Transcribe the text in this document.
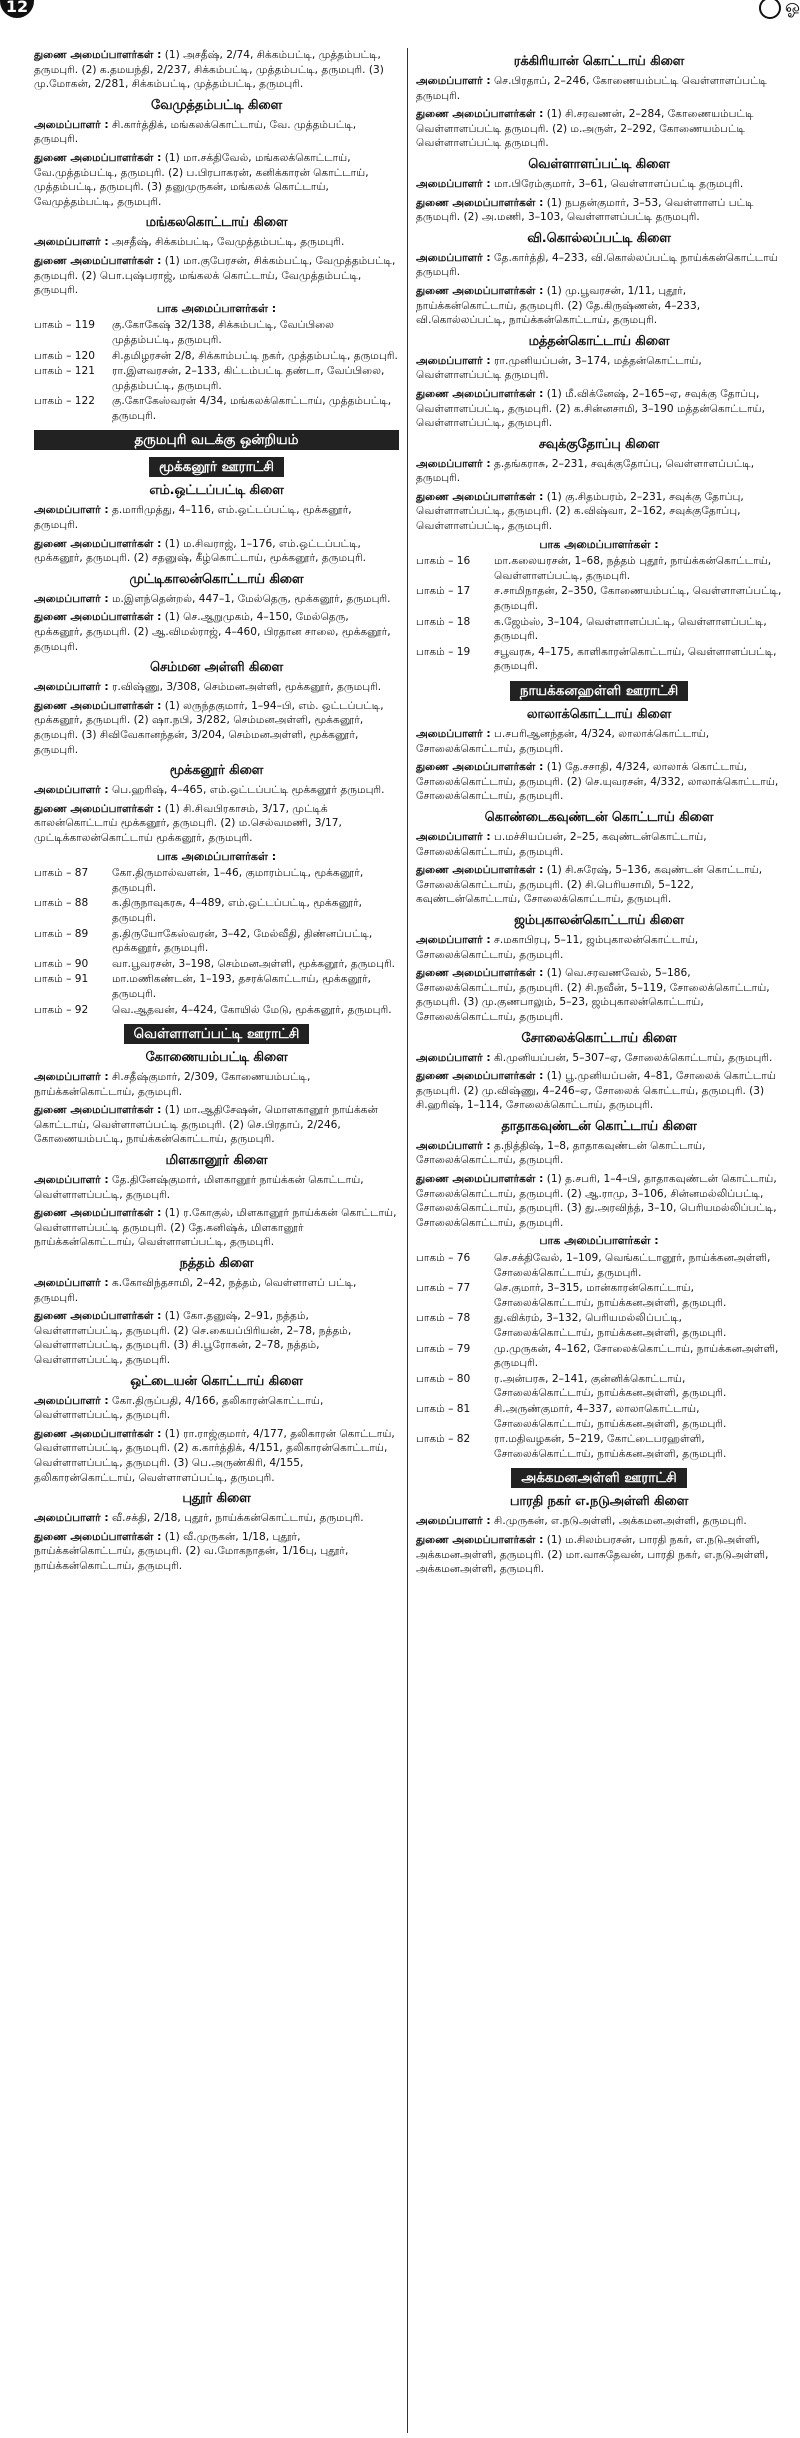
12	ஓ
துணை அமைப்பாளர்கள் : (1) அசதீஷ், 2/74, சிக்கம்பட்டி, முத்தம்பட்டி, தருமபுரி. (2) க.தமயந்தி, 2/237, சிக்கம்பட்டி, முத்தம்பட்டி, தருமபுரி. (3) மு.மோகன், 2/281, சிக்கம்பட்டி, முத்தம்பட்டி, தருமபுரி.
வேமுத்தம்பட்டி கிளை
அமைப்பாளர் : சி.கார்த்திக், மங்கலக்கொட்டாய், வே. முத்தம்பட்டி, தருமபுரி.
துணை அமைப்பாளர்கள் : (1) மா.சக்திவேல், மங்கலக்கொட்டாய், வே.முத்தம்பட்டி, தருமபுரி. (2) ப.பிரபாகரன், கனிக்காரன் கொட்டாய், முத்தம்பட்டி, தருமபுரி. (3) தனுமுருகன், மங்கலக் கொட்டாய், வேமுத்தம்பட்டி, தருமபுரி.
மங்கலகொட்டாய் கிளை
அமைப்பாளர் : அசதீஷ், சிக்கம்பட்டி, வேமுத்தம்பட்டி, தருமபுரி.
துணை அமைப்பாளர்கள் : (1) மா.குபேரசன், சிக்கம்பட்டி, வேமுத்தம்பட்டி, தருமபுரி. (2) பொ.புஷ்பராஜ், மங்கலக் கொட்டாய், வேமுத்தம்பட்டி, தருமபுரி.
பாக அமைப்பாளர்கள் :
பாகம் – 119	கு.கோகேஷ் 32/138, சிக்கம்பட்டி, வேப்பிலை முத்தம்பட்டி, தருமபுரி.
பாகம் – 120	சி.தமிழரசன் 2/8, சிக்காம்பட்டி நகர், முத்தம்பட்டி, தருமபுரி.
பாகம் – 121	ரா.இளவரசன், 2–133, கிட்டம்பட்டி தண்டா, வேப்பிலை, முத்தம்பட்டி, தருமபுரி.
பாகம் – 122	கு.கோகேஸ்வரன் 4/34, மங்கலக்கொட்டாய், முத்தம்பட்டி, தருமபுரி.
தருமபுரி வடக்கு ஒன்றியம்
மூக்கனூர் ஊராட்சி
எம்.ஒட்டப்பட்டி கிளை
அமைப்பாளர் : த.மாரிமுத்து, 4–116, எம்.ஒட்டப்பட்டி, மூக்கனூர், தருமபுரி.
துணை அமைப்பாளர்கள் : (1) ம.சிவராஜ், 1–176, எம்.ஒட்டப்பட்டி, மூக்கனூர், தருமபுரி. (2) சதனுஷ், கீழ்கொட்டாய், மூக்கனூர், தருமபுரி.
முட்டிகாலன்கொட்டாய் கிளை
அமைப்பாளர் : ம.இளந்தென்றல், 447–1, மேல்தெரு, மூக்கனூர், தருமபுரி.
துணை அமைப்பாளர்கள் : (1) செ.ஆறுமுகம், 4–150, மேல்தெரு, மூக்கனூர், தருமபுரி. (2) ஆ.விமல்ராஜ், 4–460, பிரதான சாலை, மூக்கனூர், தருமபுரி.
செம்மன அள்ளி கிளை
அமைப்பாளர் : ர.விஷ்ணு, 3/308, செம்மனஅள்ளி, மூக்கனூர், தருமபுரி.
துணை அமைப்பாளர்கள் : (1) லருந்தகுமார், 1–94–பி, எம். ஒட்டப்பட்டி, மூக்கனூர், தருமபுரி. (2) ஷா.நபி, 3/282, செம்மனஅள்ளி, மூக்கனூர், தருமபுரி. (3) சிவிவேகானந்தன், 3/204, செம்மனஅள்ளி, மூக்கனூர், தருமபுரி.
மூக்கனூர் கிளை
அமைப்பாளர் : பெ.ஹரிஷ், 4–465, எம்.ஒட்டப்பட்டி மூக்கனூர் தருமபுரி.
துணை அமைப்பாளர்கள் : (1) சி.சிவபிரகாசம், 3/17, முட்டிக் காலன்கொட்டாய் மூக்கனூர், தருமபுரி. (2) ம.செல்வமணி, 3/17, முட்டிக்காலன்கொட்டாய் மூக்கனூர், தருமபுரி.
பாக அமைப்பாளர்கள் :
பாகம் – 87	கோ.திருமால்வளன், 1–46, குமாரம்பட்டி, மூக்கனூர், தருமபுரி.
பாகம் – 88	க.திருநாவுகரசு, 4–489, எம்.ஒட்டப்பட்டி, மூக்கனூர், தருமபுரி.
பாகம் – 89	த.திருயோகேஸ்வரன், 3–42, மேல்வீதி, திண்னப்பட்டி, மூக்கனூர், தருமபுரி.
பாகம் – 90	வா.பூவரசன், 3–198, செம்மனஅள்ளி, மூக்கனூர், தருமபுரி.
பாகம் – 91	மா.மணிகண்டன், 1–193, தசரக்கொட்டாய், மூக்கனூர், தருமபுரி.
பாகம் – 92	வெ.ஆதவன், 4–424, கோயில் மேடு, மூக்கனூர், தருமபுரி.
வெள்ளாளப்பட்டி ஊராட்சி
கோணையம்பட்டி கிளை
அமைப்பாளர் : சி.சதீஷ்குமார், 2/309, கோணையம்பட்டி, நாய்க்கன்கொட்டாய், தருமபுரி.
துணை அமைப்பாளர்கள் : (1) மா.ஆதிசேஷன், மொளகானூர் நாய்க்கன் கொட்டாய், வெள்ளாளப்பட்டி தருமபுரி. (2) செ.பிரதாப், 2/246, கோணையம்பட்டி, நாய்க்கன்கொட்டாய், தருமபுரி.
மிளகானூர் கிளை
அமைப்பாளர் : தே.தினேஷ்குமார், மிளகானூர் நாய்க்கன் கொட்டாய், வெள்ளாளப்பட்டி, தருமபுரி.
துணை அமைப்பாளர்கள் : (1) ர.கோகுல், மிளகானூர் நாய்க்கன் கொட்டாய், வெள்ளாளப்பட்டி தருமபுரி. (2) தே.கனிஷ்க், மிளகானூர் நாய்க்கன்கொட்டாய், வெள்ளாளப்பட்டி, தருமபுரி.
நத்தம் கிளை
அமைப்பாளர் : க.கோவிந்தசாமி, 2–42, நத்தம், வெள்ளாளப் பட்டி, தருமபுரி.
துணை அமைப்பாளர்கள் : (1) கோ.தனுஷ், 2–91, நத்தம், வெள்ளாளப்பட்டி, தருமபுரி. (2) செ.கையப்பிரியன், 2–78, நத்தம், வெள்ளாளப்பட்டி, தருமபுரி. (3) சி.பூரோகன், 2–78, நத்தம், வெள்ளாளப்பட்டி, தருமபுரி.
ஒட்டையன் கொட்டாய் கிளை
அமைப்பாளர் : கோ.திருப்பதி, 4/166, தலிகாரன்கொட்டாய், வெள்ளாளப்பட்டி, தருமபுரி.
துணை அமைப்பாளர்கள் : (1) ரா.ராஜ்குமார், 4/177, தலிகாரன் கொட்டாய், வெள்ளாளப்பட்டி, தருமபுரி. (2) க.கார்த்திக், 4/151, தலிகாரன்கொட்டாய், வெள்ளாளப்பட்டி, தருமபுரி. (3) பெ.அருண்கிரி, 4/155, தலிகாரன்கொட்டாய், வெள்ளாளப்பட்டி, தருமபுரி.
புதூர் கிளை
அமைப்பாளர் : வீ.சக்தி, 2/18, புதூர், நாய்க்கன்கொட்டாய், தருமபுரி.
துணை அமைப்பாளர்கள் : (1) வீ.முருகன், 1/18, புதூர், நாய்க்கன்கொட்டாய், தருமபுரி. (2) வ.மோகநாதன், 1/16பு, புதூர், நாய்க்கன்கொட்டாய், தருமபுரி.
ரக்கிரியான் கொட்டாய் கிளை
அமைப்பாளர் : செ.பிரதாப், 2–246, கோணையம்பட்டி வெள்ளாளப்பட்டி தருமபுரி.
துணை அமைப்பாளர்கள் : (1) சி.சரவணன், 2–284, கோணையம்பட்டி வெள்ளாளப்பட்டி தருமபுரி. (2) ம.அருள், 2–292, கோணையம்பட்டி வெள்ளாளப்பட்டி தருமபுரி.
வெள்ளாளப்பட்டி கிளை
அமைப்பாளர் : மா.பிரேம்குமார், 3–61, வெள்ளாளப்பட்டி தருமபுரி.
துணை அமைப்பாளர்கள் : (1) நபதன்குமார், 3–53, வெள்ளாளப் பட்டி தருமபுரி. (2) அ.மணி, 3–103, வெள்ளாளப்பட்டி தருமபுரி.
வி.கொல்லப்பட்டி கிளை
அமைப்பாளர் : தே.கார்த்தி, 4–233, வி.கொல்லப்பட்டி நாய்க்கன்கொட்டாய் தருமபுரி.
துணை அமைப்பாளர்கள் : (1) மு.பூவரசன், 1/11, புதூர், நாய்க்கன்கொட்டாய், தருமபுரி. (2) தே.கிருஷ்ணன், 4–233, வி.கொல்லப்பட்டி, நாய்க்கன்கொட்டாய், தருமபுரி.
மத்தன்கொட்டாய் கிளை
அமைப்பாளர் : ரா.முனியப்பன், 3–174, மத்தன்கொட்டாய், வெள்ளாளப்பட்டி தருமபுரி.
துணை அமைப்பாளர்கள் : (1) மீ.விக்னேஷ், 2–165–ஏ, சவுக்கு தோப்பு, வெள்ளாளப்பட்டி, தருமபுரி. (2) க.சின்னசாமி, 3–190 மத்தன்கொட்டாய், வெள்ளாளப்பட்டி, தருமபுரி.
சவுக்குதோப்பு கிளை
அமைப்பாளர் : த.தங்கராசு, 2–231, சவுக்குதோப்பு, வெள்ளாளப்பட்டி, தருமபுரி.
துணை அமைப்பாளர்கள் : (1) கு.சிதம்பரம், 2–231, சவுக்கு தோப்பு, வெள்ளாளப்பட்டி, தருமபுரி. (2) க.விஷ்வா, 2–162, சவுக்குதோப்பு, வெள்ளாளப்பட்டி, தருமபுரி.
பாக அமைப்பாளர்கள் :
பாகம் – 16	மா.கலையரசன், 1–68, நத்தம் புதூர், நாய்க்கன்கொட்டாய், வெள்ளாளப்பட்டி, தருமபுரி.
பாகம் – 17	ச.சாமிநாதன், 2–350, கோணையம்பட்டி, வெள்ளாளப்பட்டி, தருமபுரி.
பாகம் – 18	க.ஜேம்ஸ், 3–104, வெள்ளாளப்பட்டி, வெள்ளாளப்பட்டி, தருமபுரி.
பாகம் – 19	சபூவரசு, 4–175, காளிகாரன்கொட்டாய், வெள்ளாளப்பட்டி, தருமபுரி.
நாயக்கனஹள்ளி ஊராட்சி
லாலாக்கொட்டாய் கிளை
அமைப்பாளர் : ப.சபரிஆனந்தன், 4/324, லாலாக்கொட்டாய், சோலைக்கொட்டாய், தருமபுரி.
துணை அமைப்பாளர்கள் : (1) தே.சசாதி, 4/324, லாலாக் கொட்டாய், சோலைக்கொட்டாய், தருமபுரி. (2) செ.யுவரசன், 4/332, லாலாக்கொட்டாய், சோலைக்கொட்டாய், தருமபுரி.
கொண்டைகவுண்டன் கொட்டாய் கிளை
அமைப்பாளர் : ப.மச்சியப்பன், 2–25, கவுண்டன்கொட்டாய், சோலைக்கொட்டாய், தருமபுரி.
துணை அமைப்பாளர்கள் : (1) சி.சுரேஷ், 5–136, கவுண்டன் கொட்டாய், சோலைக்கொட்டாய், தருமபுரி. (2) சி.பெரியசாமி, 5–122, கவுண்டன்கொட்டாய், சோலைக்கொட்டாய், தருமபுரி.
ஜம்புகாலன்கொட்டாய் கிளை
அமைப்பாளர் : ச.மகாபிரபு, 5–11, ஜம்புகாலன்கொட்டாய், சோலைக்கொட்டாய், தருமபுரி.
துணை அமைப்பாளர்கள் : (1) வெ.சரவணவேல், 5–186, சோலைக்கொட்டாய், தருமபுரி. (2) சி.நவீன், 5–119, சோலைக்கொட்டாய், தருமபுரி. (3) மு.குணபாலும், 5–23, ஜம்புகாலன்கொட்டாய், சோலைக்கொட்டாய், தருமபுரி.
சோலைக்கொட்டாய் கிளை
அமைப்பாளர் : கி.முனியப்பன், 5–307–ஏ, சோலைக்கொட்டாய், தருமபுரி.
துணை அமைப்பாளர்கள் : (1) பூ.முனியப்பன், 4–81, சோலைக் கொட்டாய் தருமபுரி. (2) மு.விஷ்ணு, 4–246–ஏ, சோலைக் கொட்டாய், தருமபுரி. (3) சி.ஹரிஷ், 1–114, சோலைக்கொட்டாய், தருமபுரி.
தாதாகவுண்டன் கொட்டாய் கிளை
அமைப்பாளர் : த.நித்திஷ், 1–8, தாதாகவுண்டன் கொட்டாய், சோலைக்கொட்டாய், தருமபுரி.
துணை அமைப்பாளர்கள் : (1) த.சபரி, 1–4–பி, தாதாகவுண்டன் கொட்டாய், சோலைக்கொட்டாய், தருமபுரி. (2) ஆ.ராமு, 3–106, சின்னமல்லிப்பட்டி, சோலைக்கொட்டாய், தருமபுரி. (3) து.அரவிந்த், 3–10, பெரியமல்லிப்பட்டி, சோலைக்கொட்டாய், தருமபுரி.
பாக அமைப்பாளர்கள் :
பாகம் – 76	செ.சக்திவேல், 1–109, வெங்கட்டானூர், நாய்க்கனஅள்ளி, சோலைக்கொட்டாய், தருமபுரி.
பாகம் – 77	செ.குமார், 3–315, மான்காரன்கொட்டாய், சோலைக்கொட்டாய், நாய்க்கனஅள்ளி, தருமபுரி.
பாகம் – 78	து.விக்ரம், 3–132, பெரியமல்லிப்பட்டி, சோலைக்கொட்டாய், நாய்க்கனஅள்ளி, தருமபுரி.
பாகம் – 79	மு.முருகன், 4–162, சோலைக்கொட்டாய், நாய்க்கனஅள்ளி, தருமபுரி.
பாகம் – 80	ர.அன்பரசு, 2–141, குன்னிக்கொட்டாய், சோலைக்கொட்டாய், நாய்க்கனஅள்ளி, தருமபுரி.
பாகம் – 81	சி.அருண்குமார், 4–337, லாலாகொட்டாய், சோலைக்கொட்டாய், நாய்க்கனஅள்ளி, தருமபுரி.
பாகம் – 82	ரா.மதிவழகன், 5–219, கோட்டைபரஹள்ளி, சோலைக்கொட்டாய், நாய்க்கனஅள்ளி, தருமபுரி.
அக்கமனஅள்ளி ஊராட்சி
பாரதி நகர் எ.நடுஅள்ளி கிளை
அமைப்பாளர் : சி.முருகன், எ.நடுஅள்ளி, அக்கமனஅள்ளி, தருமபுரி.
துணை அமைப்பாளர்கள் : (1) ம.சிலம்பரசன், பாரதி நகர், எ.நடுஅள்ளி, அக்கமனஅள்ளி, தருமபுரி. (2) மா.வாசுதேவன், பாரதி நகர், எ.நடுஅள்ளி, அக்கமனஅள்ளி, தருமபுரி.
